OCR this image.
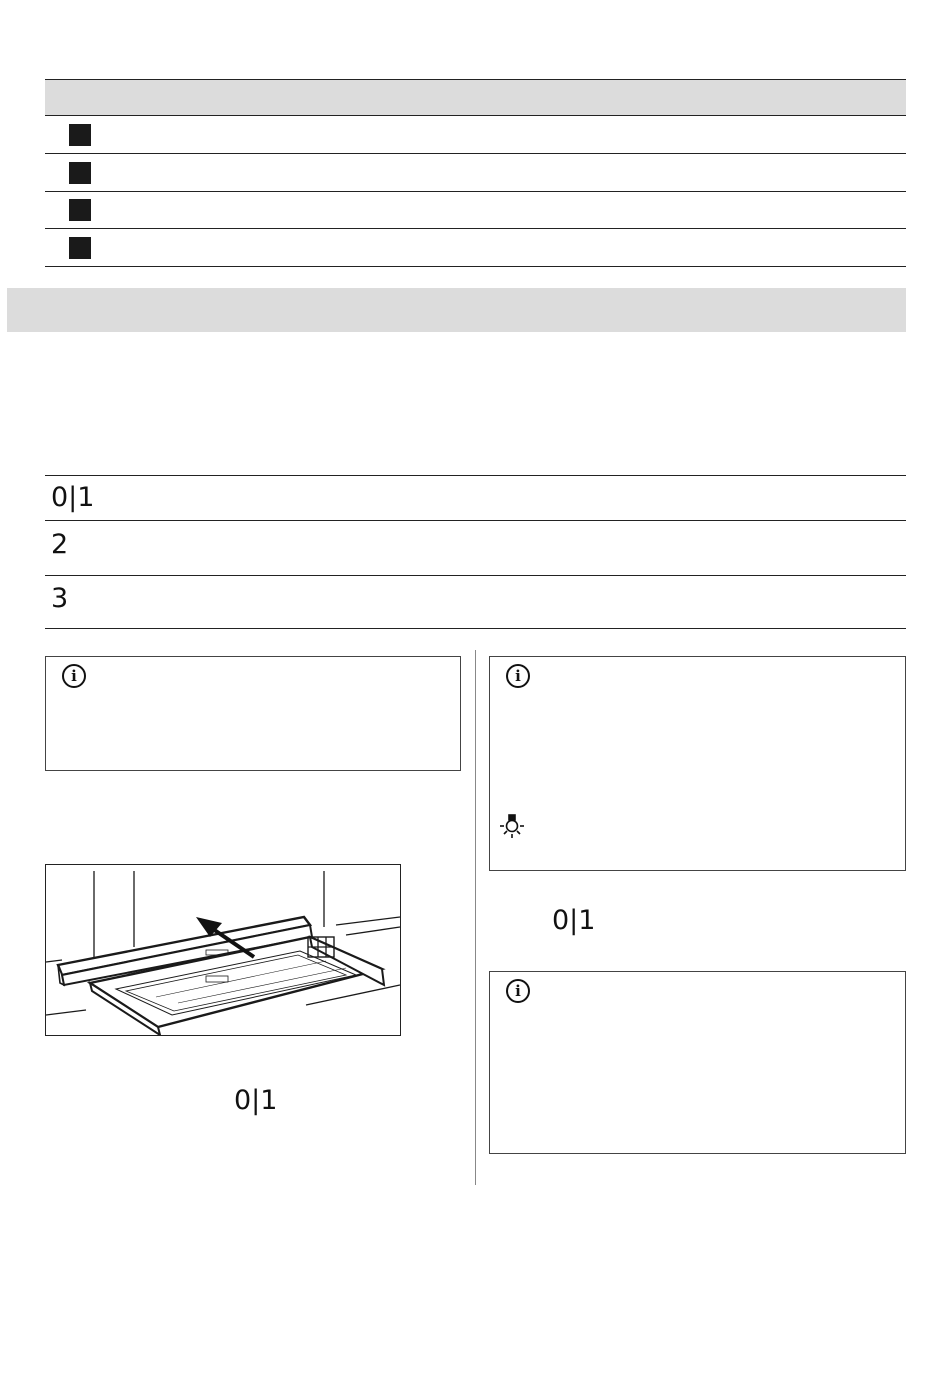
0|1
2
3
i
0|1
i
0|1
i
